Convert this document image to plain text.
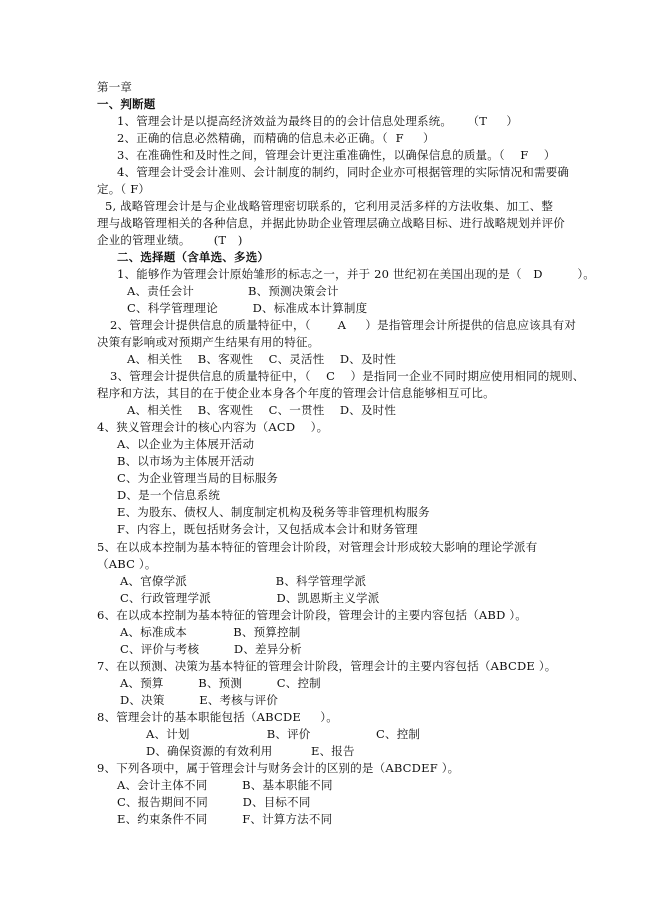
第一章
一、判断题
1、管理会计是以提高经济效益为最终目的的会计信息处理系统。    （T     ）
2、正确的信息必然精确，而精确的信息未必正确。（  F     ）
3、在准确性和及时性之间，管理会计更注重准确性，以确保信息的质量。（    F    ）
4、管理会计受会计准则、会计制度的制约，同时企业亦可根据管理的实际情况和需要确
定。（ F）
5, 战略管理会计是与企业战略管理密切联系的，它利用灵活多样的方法收集、加工、整
理与战略管理相关的各种信息，并据此协助企业管理层确立战略目标、进行战略规划并评价
企业的管理业绩。      (T   )
二、选择题（含单选、多选）
1、能够作为管理会计原始雏形的标志之一，并于 20 世纪初在美国出现的是（   D         ）。
A、责任会计              B、预测决策会计
C、科学管理理论         D、标准成本计算制度
2、管理会计提供信息的质量特征中，（       A     ）是指管理会计所提供的信息应该具有对
决策有影响或对预期产生结果有用的特征。
A、相关性    B、客观性    C、灵活性    D、及时性
3、管理会计提供信息的质量特征中，（    C    ）是指同一企业不同时期应使用相同的规则、
程序和方法，其目的在于使企业本身各个年度的管理会计信息能够相互可比。
A、相关性    B、客观性    C、一贯性    D、及时性
4、狭义管理会计的核心内容为（ACD    ）。
A、以企业为主体展开活动
B、以市场为主体展开活动
C、为企业管理当局的目标服务
D、是一个信息系统
E、为股东、债权人、制度制定机构及税务等非管理机构服务
F、内容上，既包括财务会计，又包括成本会计和财务管理
5、在以成本控制为基本特征的管理会计阶段，对管理会计形成较大影响的理论学派有
（ABC ）。
A、官僚学派                       B、科学管理学派
C、行政管理学派                 D、凯恩斯主义学派
6、在以成本控制为基本特征的管理会计阶段，管理会计的主要内容包括（ABD ）。
A、标准成本            B、预算控制
C、评价与考核         D、差异分析
7、在以预测、决策为基本特征的管理会计阶段，管理会计的主要内容包括（ABCDE ）。
A、预算         B、预测         C、控制
D、决策         E、考核与评价
8、管理会计的基本职能包括（ABCDE     ）。
A、计划                    B、评价                 C、控制
D、确保资源的有效利用          E、报告
9、下列各项中，属于管理会计与财务会计的区别的是（ABCDEF ）。
A、会计主体不同         B、基本职能不同
C、报告期间不同         D、目标不同
E、约束条件不同         F、计算方法不同
